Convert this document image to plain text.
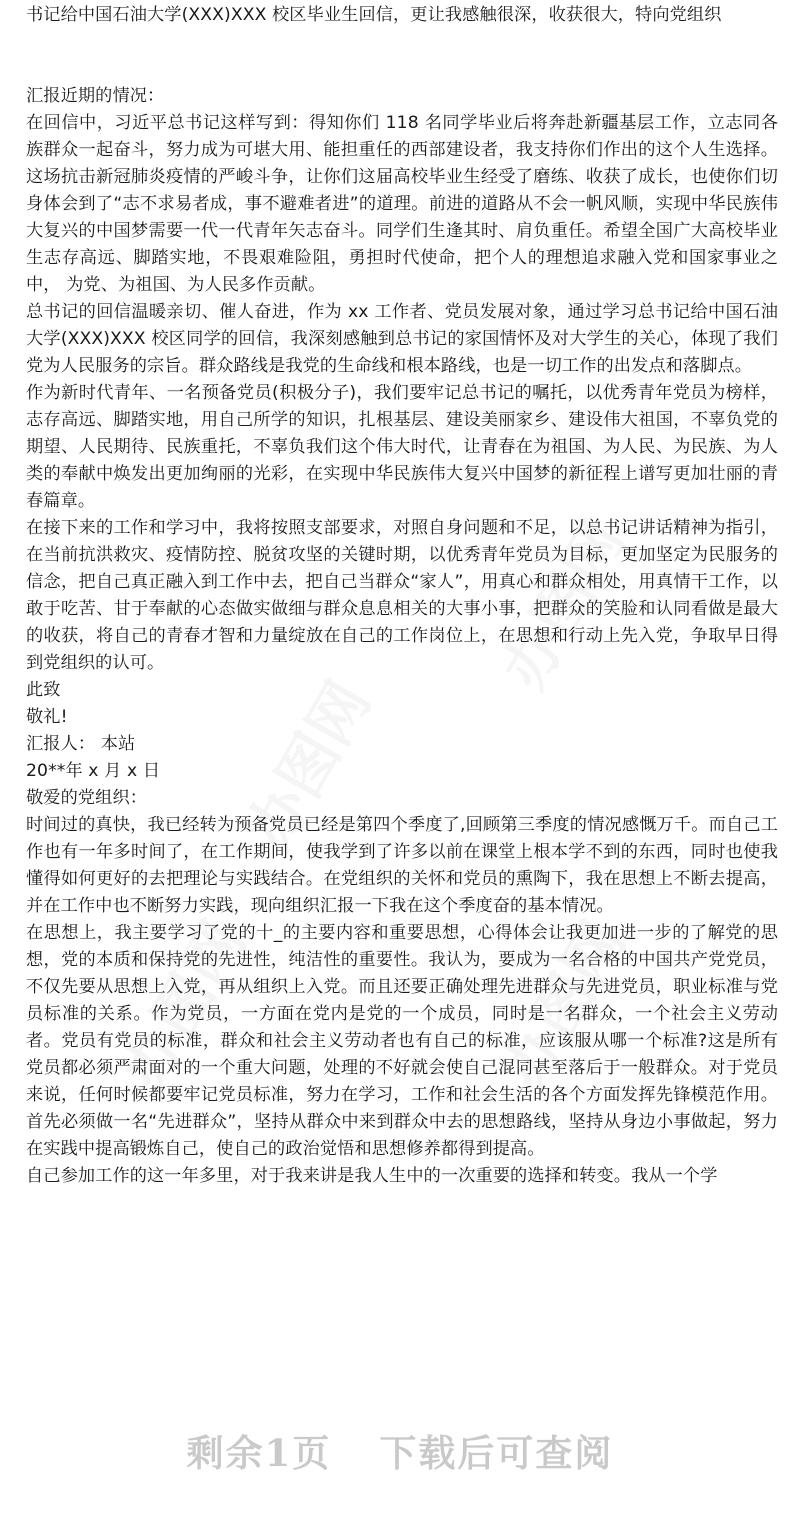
办图网
办图网
办图网
办图网

书记给中国石油大学(XXX)XXX 校区毕业生回信，更让我感触很深，收获很大，特向党组织

汇报近期的情况：

在回信中，习近平总书记这样写到：得知你们 118 名同学毕业后将奔赴新疆基层工作，立志同各族群众一起奋斗，努力成为可堪大用、能担重任的西部建设者，我支持你们作出的这个人生选择。这场抗击新冠肺炎疫情的严峻斗争，让你们这届高校毕业生经受了磨练、收获了成长，也使你们切身体会到了“志不求易者成，事不避难者进”的道理。前进的道路从不会一帆风顺，实现中华民族伟大复兴的中国梦需要一代一代青年矢志奋斗。同学们生逢其时、肩负重任。希望全国广大高校毕业生志存高远、脚踏实地，不畏艰难险阻，勇担时代使命，把个人的理想追求融入党和国家事业之中， 为党、为祖国、为人民多作贡献。

总书记的回信温暖亲切、催人奋进，作为 xx 工作者、党员发展对象，通过学习总书记给中国石油大学(XXX)XXX 校区同学的回信，我深刻感触到总书记的家国情怀及对大学生的关心，体现了我们党为人民服务的宗旨。群众路线是我党的生命线和根本路线，也是一切工作的出发点和落脚点。

作为新时代青年、一名预备党员(积极分子)，我们要牢记总书记的嘱托，以优秀青年党员为榜样，志存高远、脚踏实地，用自己所学的知识，扎根基层、建设美丽家乡、建设伟大祖国，不辜负党的期望、人民期待、民族重托，不辜负我们这个伟大时代，让青春在为祖国、为人民、为民族、为人类的奉献中焕发出更加绚丽的光彩，在实现中华民族伟大复兴中国梦的新征程上谱写更加壮丽的青春篇章。

在接下来的工作和学习中，我将按照支部要求，对照自身问题和不足，以总书记讲话精神为指引，在当前抗洪救灾、疫情防控、脱贫攻坚的关键时期，以优秀青年党员为目标，更加坚定为民服务的信念，把自己真正融入到工作中去，把自己当群众“家人”，用真心和群众相处，用真情干工作，以敢于吃苦、甘于奉献的心态做实做细与群众息息相关的大事小事，把群众的笑脸和认同看做是最大的收获，将自己的青春才智和力量绽放在自己的工作岗位上，在思想和行动上先入党，争取早日得到党组织的认可。

此致

敬礼!

汇报人： 本站

20**年 x 月 x 日

敬爱的党组织：

时间过的真快，我已经转为预备党员已经是第四个季度了,回顾第三季度的情况感慨万千。而自己工作也有一年多时间了，在工作期间，使我学到了许多以前在课堂上根本学不到的东西，同时也使我懂得如何更好的去把理论与实践结合。在党组织的关怀和党员的熏陶下，我在思想上不断去提高，并在工作中也不断努力实践，现向组织汇报一下我在这个季度奋的基本情况。

在思想上，我主要学习了党的十_的主要内容和重要思想，心得体会让我更加进一步的了解党的思想，党的本质和保持党的先进性，纯洁性的重要性。我认为，要成为一名合格的中国共产党党员，不仅先要从思想上入党，再从组织上入党。而且还要正确处理先进群众与先进党员，职业标准与党员标准的关系。作为党员，一方面在党内是党的一个成员，同时是一名群众，一个社会主义劳动者。党员有党员的标准，群众和社会主义劳动者也有自己的标准，应该服从哪一个标准?这是所有党员都必须严肃面对的一个重大问题，处理的不好就会使自己混同甚至落后于一般群众。对于党员来说，任何时候都要牢记党员标准，努力在学习，工作和社会生活的各个方面发挥先锋模范作用。首先必须做一名“先进群众”，坚持从群众中来到群众中去的思想路线，坚持从身边小事做起，努力在实践中提高锻炼自己，使自己的政治觉悟和思想修养都得到提高。

自己参加工作的这一年多里，对于我来讲是我人生中的一次重要的选择和转变。我从一个学

剩余1页 下载后可查阅
